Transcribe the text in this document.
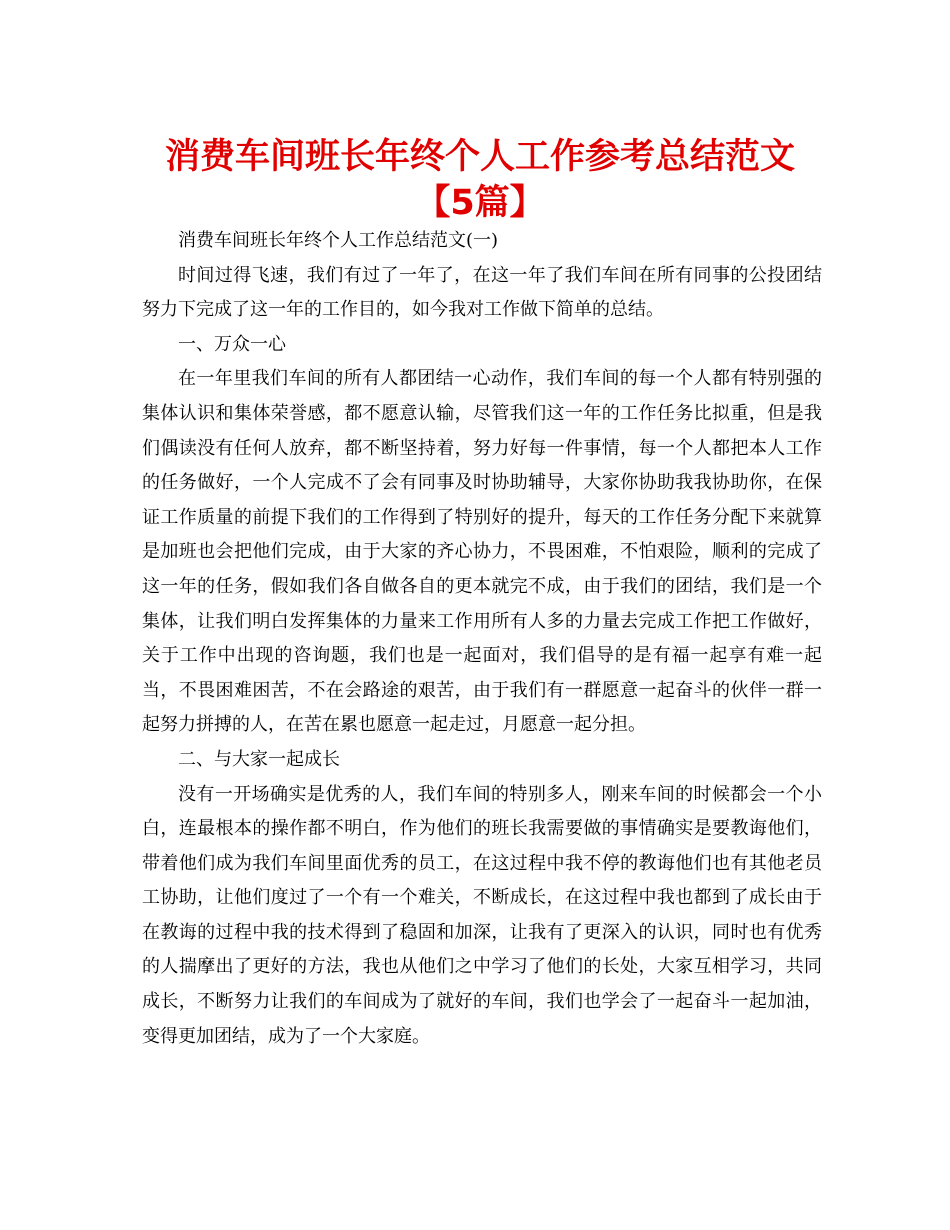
消费车间班长年终个人工作参考总结范文【5篇】

消费车间班长年终个人工作总结范文(一)

时间过得飞速，我们有过了一年了，在这一年了我们车间在所有同事的公投团结努力下完成了这一年的工作目的，如今我对工作做下简单的总结。

一、万众一心

在一年里我们车间的所有人都团结一心动作，我们车间的每一个人都有特别强的集体认识和集体荣誉感，都不愿意认输，尽管我们这一年的工作任务比拟重，但是我们偶读没有任何人放弃，都不断坚持着，努力好每一件事情，每一个人都把本人工作的任务做好，一个人完成不了会有同事及时协助辅导，大家你协助我我协助你，在保证工作质量的前提下我们的工作得到了特别好的提升，每天的工作任务分配下来就算是加班也会把他们完成，由于大家的齐心协力，不畏困难，不怕艰险，顺利的完成了这一年的任务，假如我们各自做各自的更本就完不成，由于我们的团结，我们是一个集体，让我们明白发挥集体的力量来工作用所有人多的力量去完成工作把工作做好，关于工作中出现的咨询题，我们也是一起面对，我们倡导的是有福一起享有难一起当，不畏困难困苦，不在会路途的艰苦，由于我们有一群愿意一起奋斗的伙伴一群一起努力拼搏的人，在苦在累也愿意一起走过，月愿意一起分担。

二、与大家一起成长

没有一开场确实是优秀的人，我们车间的特别多人，刚来车间的时候都会一个小白，连最根本的操作都不明白，作为他们的班长我需要做的事情确实是要教诲他们，带着他们成为我们车间里面优秀的员工，在这过程中我不停的教诲他们也有其他老员工协助，让他们度过了一个有一个难关，不断成长，在这过程中我也都到了成长由于在教诲的过程中我的技术得到了稳固和加深，让我有了更深入的认识，同时也有优秀的人揣摩出了更好的方法，我也从他们之中学习了他们的长处，大家互相学习，共同成长，不断努力让我们的车间成为了就好的车间，我们也学会了一起奋斗一起加油，变得更加团结，成为了一个大家庭。
